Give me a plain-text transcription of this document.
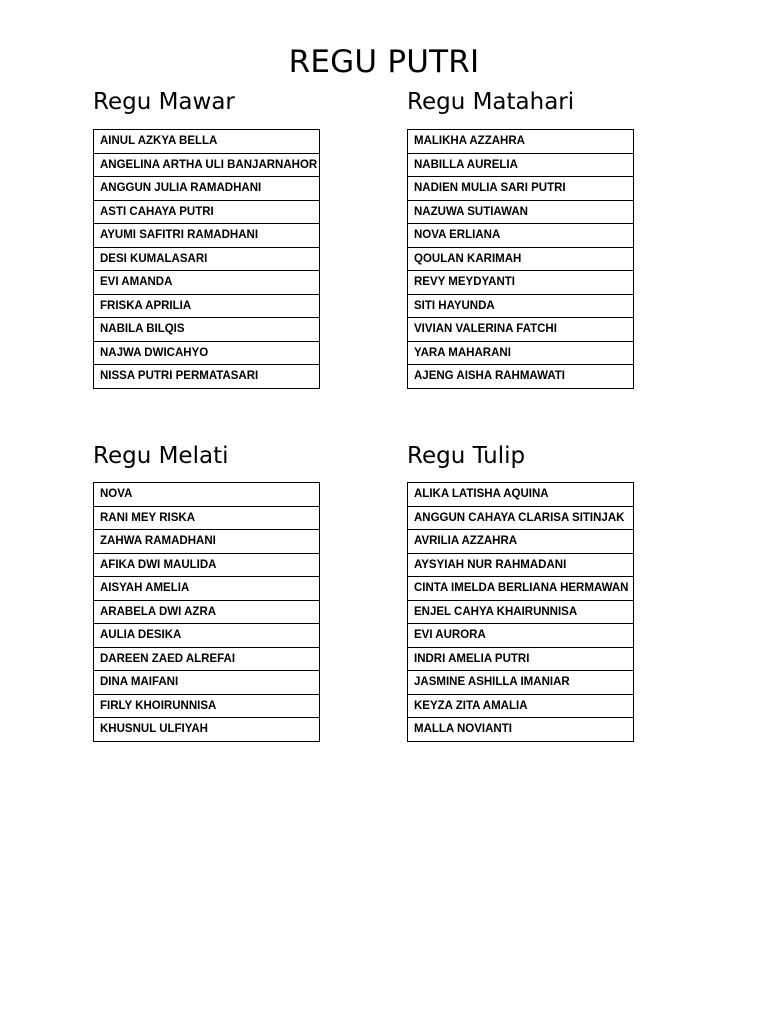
REGU PUTRI
Regu Mawar
AINUL AZKYA BELLA
ANGELINA ARTHA ULI BANJARNAHOR
ANGGUN JULIA RAMADHANI
ASTI CAHAYA PUTRI
AYUMI SAFITRI RAMADHANI
DESI KUMALASARI
EVI AMANDA
FRISKA APRILIA
NABILA BILQIS
NAJWA DWICAHYO
NISSA PUTRI PERMATASARI
Regu Matahari
MALIKHA AZZAHRA
NABILLA AURELIA
NADIEN MULIA SARI PUTRI
NAZUWA SUTIAWAN
NOVA ERLIANA
QOULAN KARIMAH
REVY MEYDYANTI
SITI HAYUNDA
VIVIAN VALERINA FATCHI
YARA MAHARANI
AJENG AISHA RAHMAWATI
Regu Melati
NOVA
RANI MEY RISKA
ZAHWA RAMADHANI
AFIKA DWI MAULIDA
AISYAH AMELIA
ARABELA DWI AZRA
AULIA DESIKA
DAREEN ZAED ALREFAI
DINA MAIFANI
FIRLY KHOIRUNNISA
KHUSNUL ULFIYAH
Regu Tulip
ALIKA LATISHA AQUINA
ANGGUN CAHAYA CLARISA SITINJAK
AVRILIA AZZAHRA
AYSYIAH NUR RAHMADANI
CINTA IMELDA BERLIANA HERMAWAN
ENJEL CAHYA KHAIRUNNISA
EVI AURORA
INDRI AMELIA PUTRI
JASMINE ASHILLA IMANIAR
KEYZA ZITA AMALIA
MALLA NOVIANTI
